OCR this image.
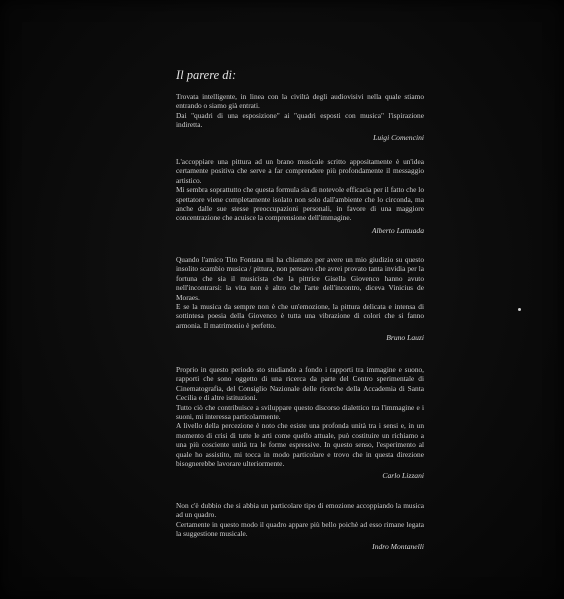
Il parere di:

Trovata intelligente, in linea con la civiltà degli audiovisivi nella quale stiamo entrando o siamo già entrati.

Dai "quadri di una esposizione" ai "quadri esposti con musica" l'ispirazione indiretta.

Luigi Comencini

L'accoppiare una pittura ad un brano musicale scritto appositamente è un'idea certamente positiva che serve a far comprendere più profondamente il messaggio artistico.

Mi sembra soprattutto che questa formula sia di notevole efficacia per il fatto che lo spettatore viene completamente isolato non solo dall'ambiente che lo circonda, ma anche dalle sue stesse preoccupazioni personali, in favore di una maggiore concentrazione che acuisce la comprensione dell'immagine.

Alberto Lattuada

Quando l'amico Tito Fontana mi ha chiamato per avere un mio giudizio su questo insolito scambio musica / pittura, non pensavo che avrei provato tanta invidia per la fortuna che sia il musicista che la pittrice Gisella Giovenco hanno avuto nell'incontrarsi: la vita non è altro che l'arte dell'incontro, diceva Vinicius de Moraes.

E se la musica da sempre non è che un'emozione, la pittura delicata e intensa di sottintesa poesia della Giovenco è tutta una vibrazione di colori che si fanno armonia. Il matrimonio è perfetto.

Bruno Lauzi

Proprio in questo periodo sto studiando a fondo i rapporti tra immagine e suono, rapporti che sono oggetto di una ricerca da parte del Centro sperimentale di Cinematografia, del Consiglio Nazionale delle ricerche della Accademia di Santa Cecilia e di altre istituzioni.

Tutto ciò che contribuisce a sviluppare questo discorso dialettico tra l'immagine e i suoni, mi interessa particolarmente.

A livello della percezione è noto che esiste una profonda unità tra i sensi e, in un momento di crisi di tutte le arti come quello attuale, può costituire un richiamo a una più cosciente unità tra le forme espressive. In questo senso, l'esperimento al quale ho assistito, mi tocca in modo particolare e trovo che in questa direzione bisognerebbe lavorare ulteriormente.

Carlo Lizzani

Non c'è dubbio che si abbia un particolare tipo di emozione accoppiando la musica ad un quadro.

Certamente in questo modo il quadro appare più bello poichè ad esso rimane legata la suggestione musicale.

Indro Montanelli
